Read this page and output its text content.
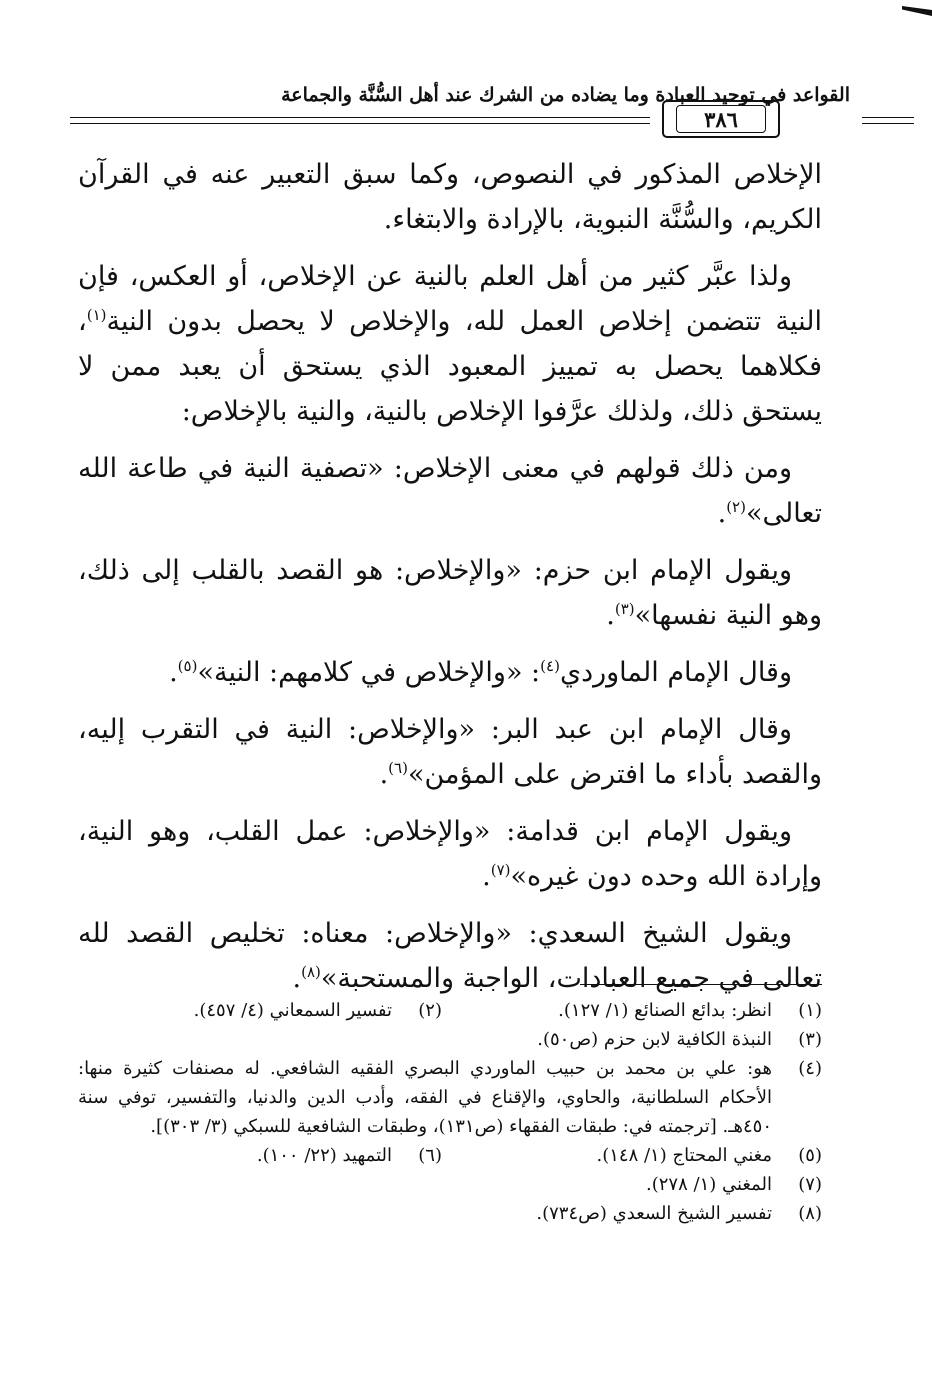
القواعد في توحيد العبادة وما يضاده من الشرك عند أهل السُّنَّة والجماعة
٣٨٦

الإخلاص المذكور في النصوص، وكما سبق التعبير عنه في القرآن الكريم، والسُّنَّة النبوية، بالإرادة والابتغاء.

ولذا عبَّر كثير من أهل العلم بالنية عن الإخلاص، أو العكس، فإن النية تتضمن إخلاص العمل لله، والإخلاص لا يحصل بدون النية$^{(١)}$، فكلاهما يحصل به تمييز المعبود الذي يستحق أن يعبد ممن لا يستحق ذلك، ولذلك عرَّفوا الإخلاص بالنية، والنية بالإخلاص:

ومن ذلك قولهم في معنى الإخلاص: «تصفية النية في طاعة الله تعالى»$^{(٢)}$.

ويقول الإمام ابن حزم: «والإخلاص: هو القصد بالقلب إلى ذلك، وهو النية نفسها»$^{(٣)}$.

وقال الإمام الماوردي$^{(٤)}$: «والإخلاص في كلامهم: النية»$^{(٥)}$.

وقال الإمام ابن عبد البر: «والإخلاص: النية في التقرب إليه، والقصد بأداء ما افترض على المؤمن»$^{(٦)}$.

ويقول الإمام ابن قدامة: «والإخلاص: عمل القلب، وهو النية، وإرادة الله وحده دون غيره»$^{(٧)}$.

ويقول الشيخ السعدي: «والإخلاص: معناه: تخليص القصد لله تعالى في جميع العبادات، الواجبة والمستحبة»$^{(٨)}$.

(١)
انظر: بدائع الصنائع (١/ ١٢٧).
(٢)
تفسير السمعاني (٤/ ٤٥٧).
(٣)
النبذة الكافية لابن حزم (ص٥٠).
(٤)
هو: علي بن محمد بن حبيب الماوردي البصري الفقيه الشافعي. له مصنفات كثيرة منها: الأحكام السلطانية، والحاوي، والإقناع في الفقه، وأدب الدين والدنيا، والتفسير، توفي سنة ٤٥٠هـ. [ترجمته في: طبقات الفقهاء (ص١٣١)، وطبقات الشافعية للسبكي (٣/ ٣٠٣)].
(٥)
مغني المحتاج (١/ ١٤٨).
(٦)
التمهيد (٢٢/ ١٠٠).
(٧)
المغني (١/ ٢٧٨).
(٨)
تفسير الشيخ السعدي (ص٧٣٤).
